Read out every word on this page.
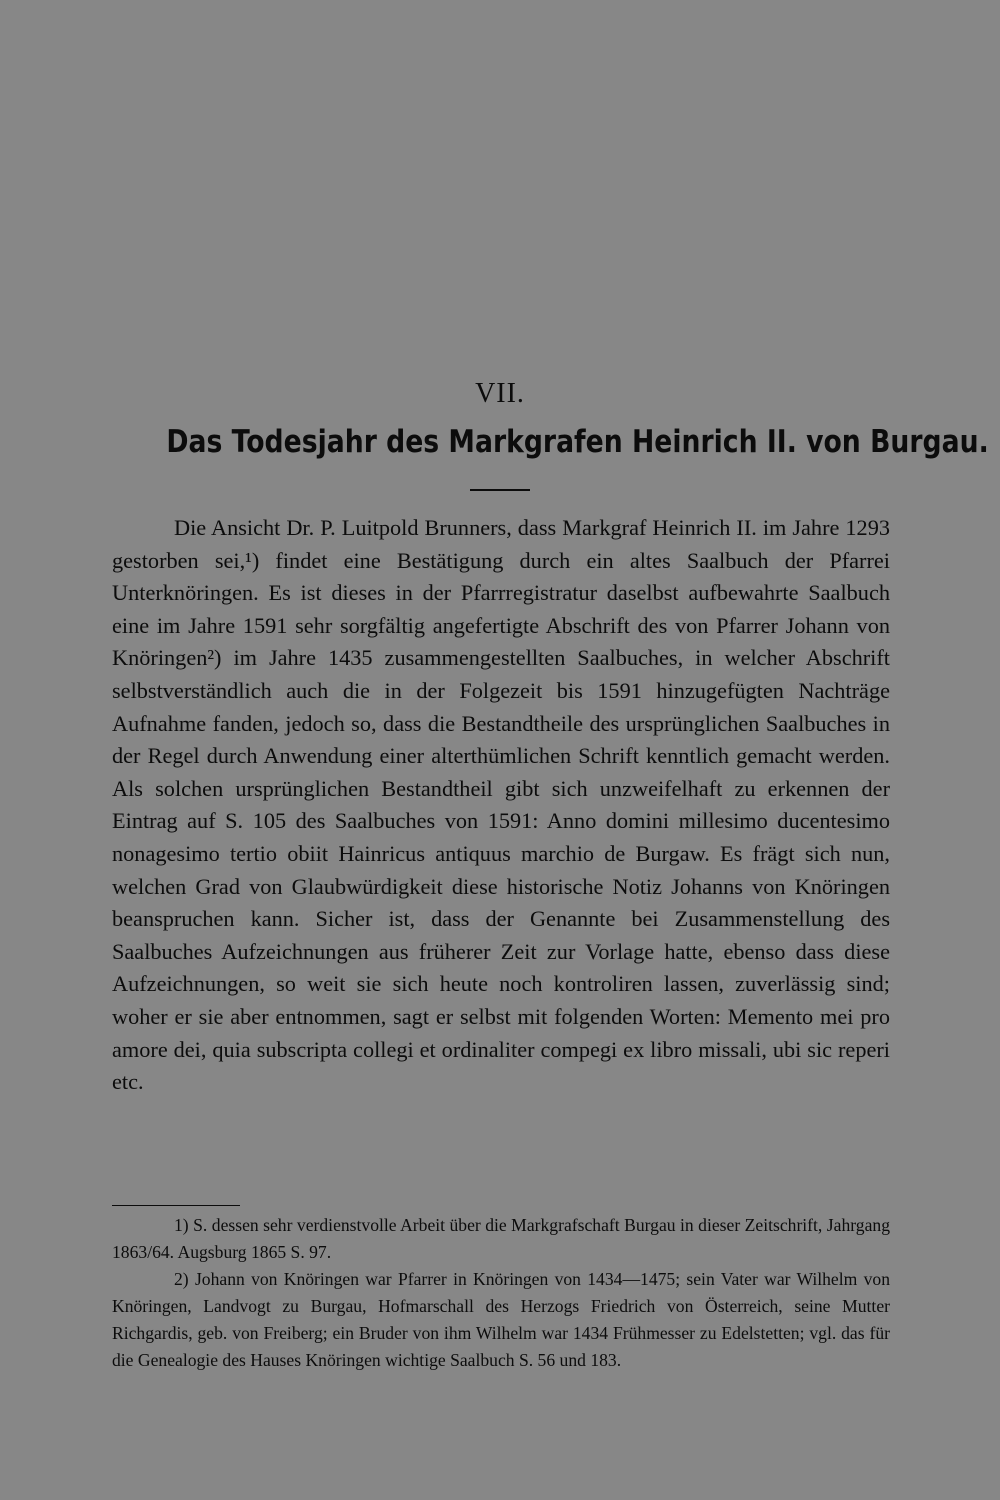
VII.
Das Todesjahr des Markgrafen Heinrich II. von Burgau.

Die Ansicht Dr. P. Luitpold Brunners, dass Markgraf Heinrich II. im Jahre 1293 gestorben sei,¹) findet eine Bestätigung durch ein altes Saalbuch der Pfarrei Unterknöringen. Es ist dieses in der Pfarrregistratur daselbst aufbewahrte Saalbuch eine im Jahre 1591 sehr sorgfältig angefertigte Abschrift des von Pfarrer Johann von Knöringen²) im Jahre 1435 zusammengestellten Saalbuches, in welcher Abschrift selbstverständlich auch die in der Folgezeit bis 1591 hinzugefügten Nachträge Aufnahme fanden, jedoch so, dass die Bestandtheile des ursprünglichen Saalbuches in der Regel durch Anwendung einer alterthümlichen Schrift kenntlich gemacht werden. Als solchen ursprünglichen Bestandtheil gibt sich unzweifelhaft zu erkennen der Eintrag auf S. 105 des Saalbuches von 1591: Anno domini millesimo ducentesimo nonagesimo tertio obiit Hainricus antiquus marchio de Burgaw. Es frägt sich nun, welchen Grad von Glaubwürdigkeit diese historische Notiz Johanns von Knöringen beanspruchen kann. Sicher ist, dass der Genannte bei Zusammenstellung des Saalbuches Aufzeichnungen aus früherer Zeit zur Vorlage hatte, ebenso dass diese Aufzeichnungen, so weit sie sich heute noch kontroliren lassen, zuverlässig sind; woher er sie aber entnommen, sagt er selbst mit folgenden Worten: Memento mei pro amore dei, quia subscripta collegi et ordinaliter compegi ex libro missali, ubi sic reperi etc.

1) S. dessen sehr verdienstvolle Arbeit über die Markgrafschaft Burgau in dieser Zeitschrift, Jahrgang 1863/64. Augsburg 1865 S. 97.

2) Johann von Knöringen war Pfarrer in Knöringen von 1434—1475; sein Vater war Wilhelm von Knöringen, Landvogt zu Burgau, Hofmarschall des Herzogs Friedrich von Österreich, seine Mutter Richgardis, geb. von Freiberg; ein Bruder von ihm Wilhelm war 1434 Frühmesser zu Edelstetten; vgl. das für die Genealogie des Hauses Knöringen wichtige Saalbuch S. 56 und 183.
